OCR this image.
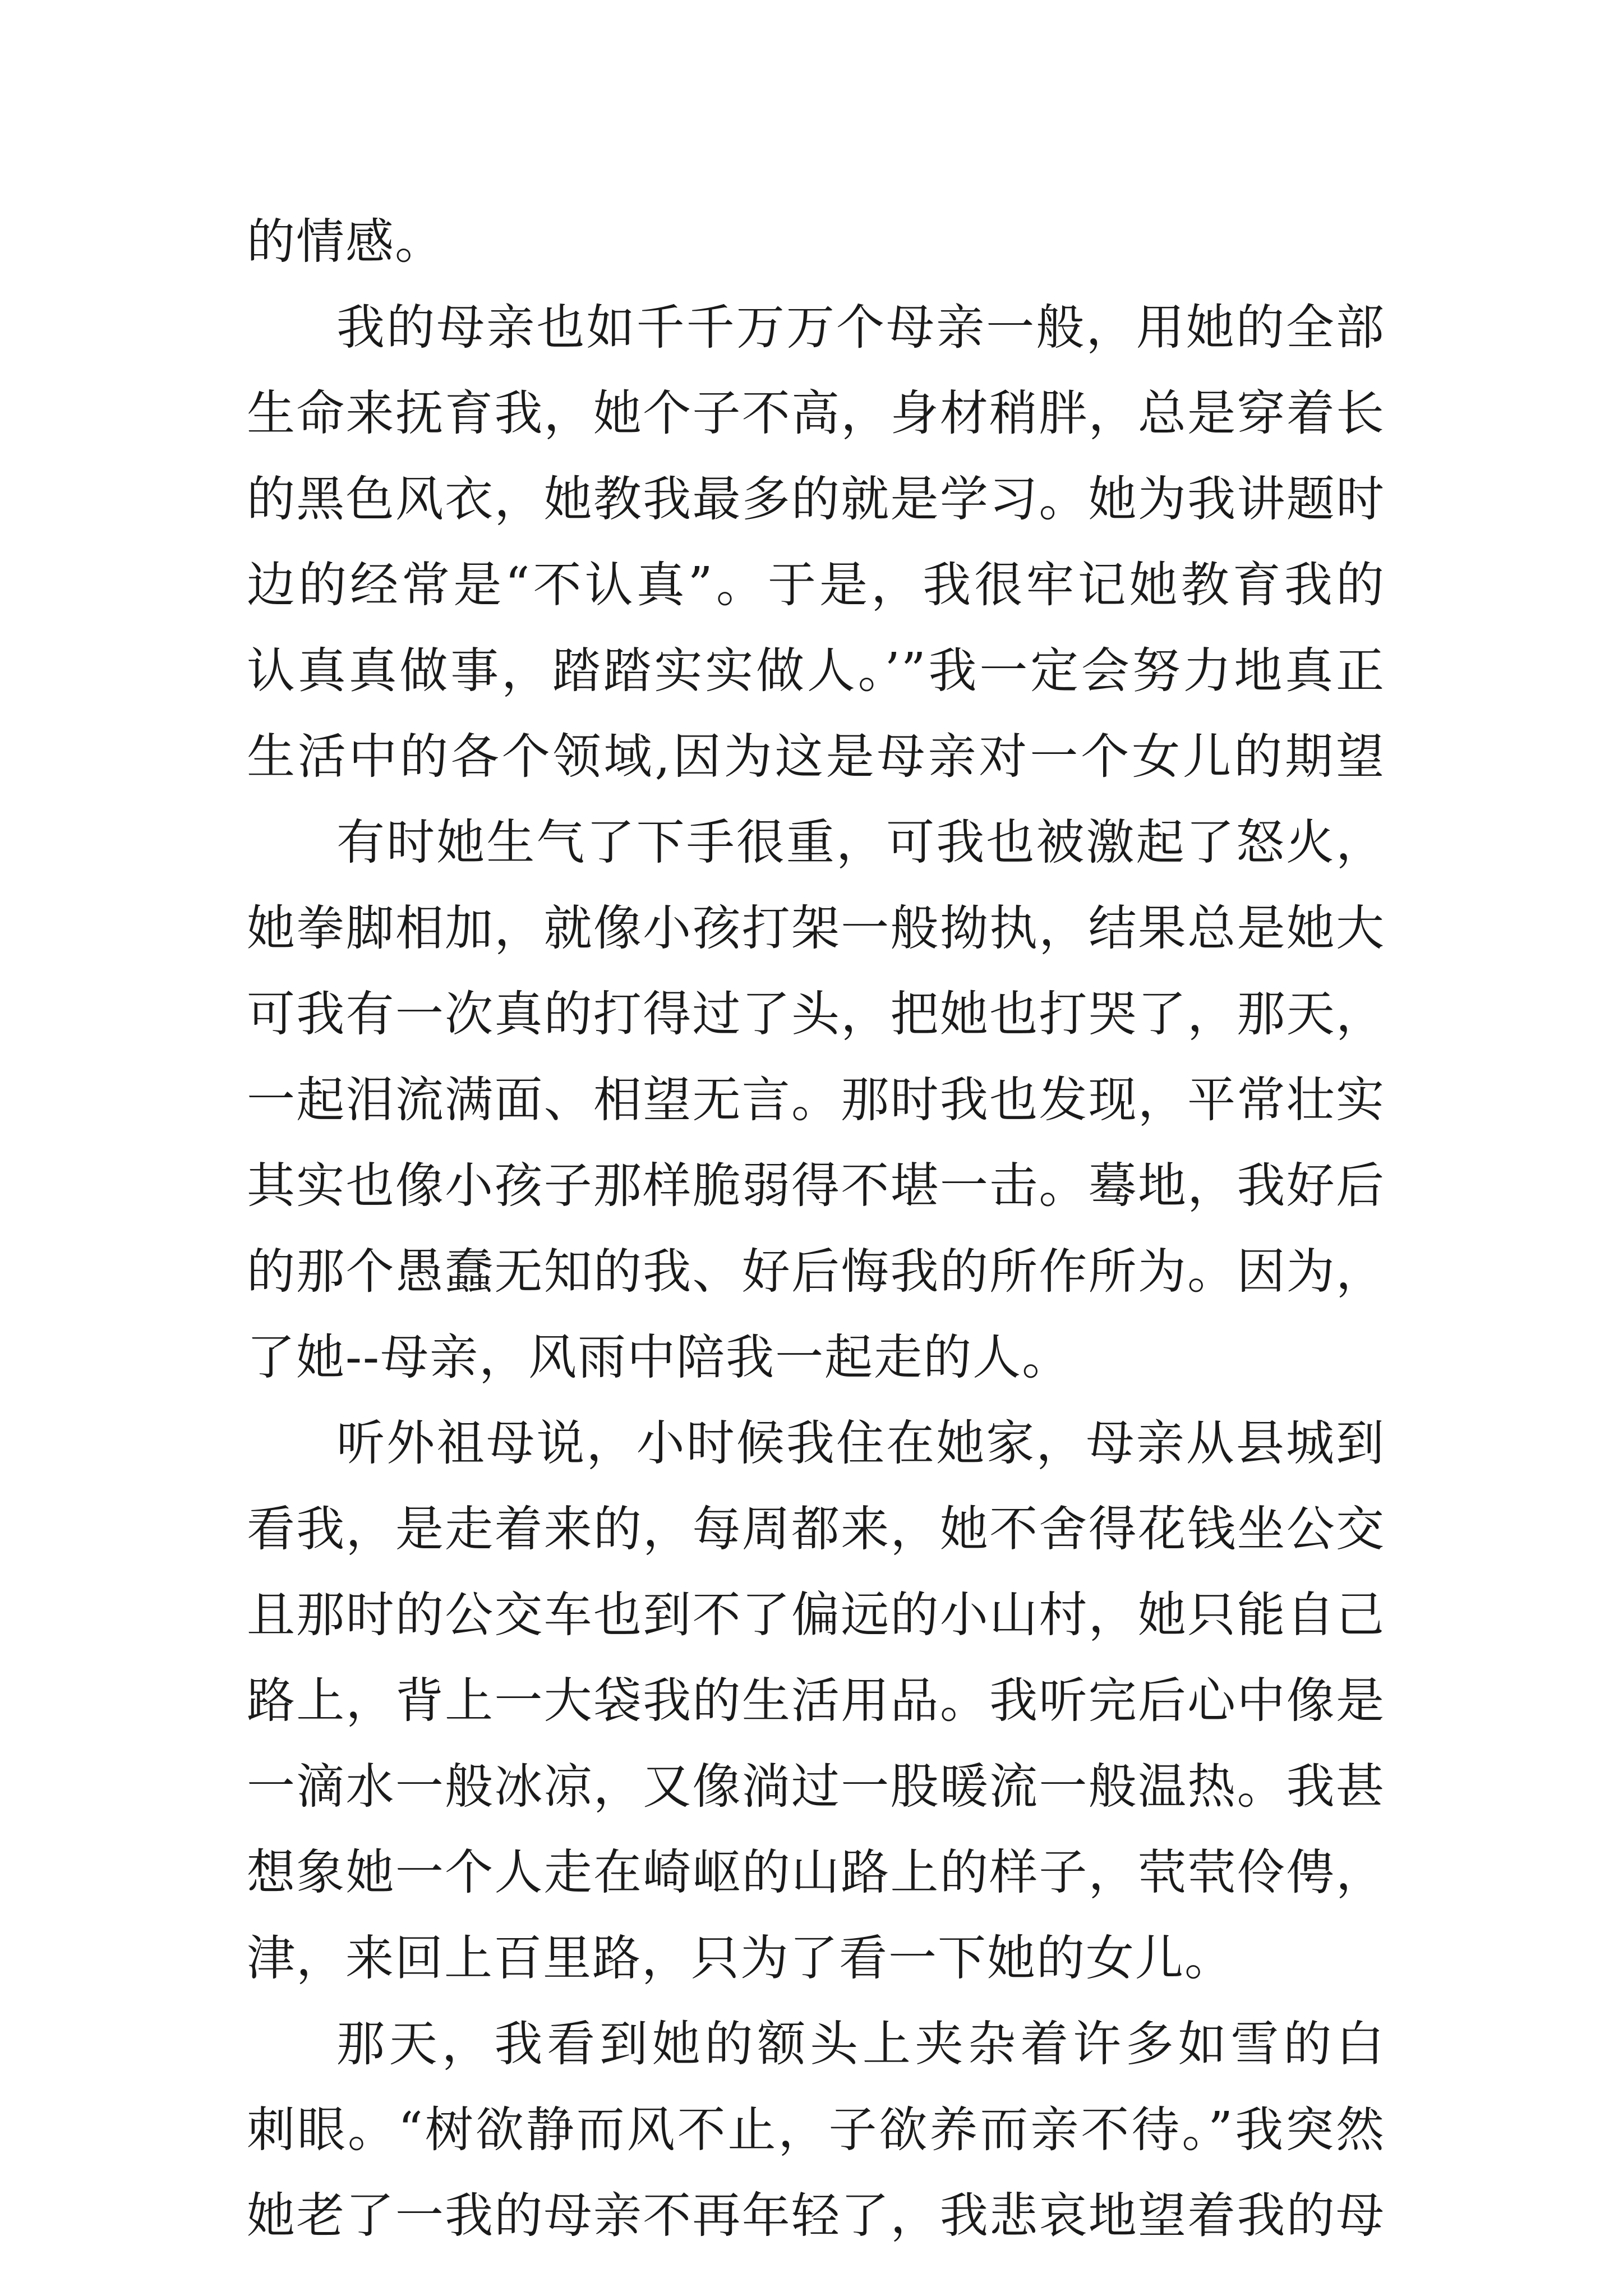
的情感。
我的母亲也如千千万万个母亲一般，用她的全部
生命来抚育我，她个子不高，身材稍胖，总是穿着长
的黑色风衣，她教我最多的就是学习。她为我讲题时
边的经常是“不认真”。于是，我很牢记她教育我的
认真真做事，踏踏实实做人。’”我一定会努力地真正
生活中的各个领域,因为这是母亲对一个女儿的期望
有时她生气了下手很重，可我也被激起了怒火，
她拳脚相加，就像小孩打架一般拗执，结果总是她大
可我有一次真的打得过了头，把她也打哭了，那天，
一起泪流满面、相望无言。那时我也发现，平常壮实
其实也像小孩子那样脆弱得不堪一击。蓦地，我好后
的那个愚蠢无知的我、好后悔我的所作所为。因为，
了她--母亲，风雨中陪我一起走的人。
听外祖母说，小时候我住在她家，母亲从县城到
看我，是走着来的，每周都来，她不舍得花钱坐公交
且那时的公交车也到不了偏远的小山村，她只能自己
路上，背上一大袋我的生活用品。我听完后心中像是
一滴水一般冰凉，又像淌过一股暖流一般温热。我甚
想象她一个人走在崎岖的山路上的样子，茕茕伶俜，
津，来回上百里路，只为了看一下她的女儿。
那天，我看到她的额头上夹杂着许多如雪的白
刺眼。“树欲静而风不止，子欲养而亲不待。”我突然
她老了一我的母亲不再年轻了，我悲哀地望着我的母
